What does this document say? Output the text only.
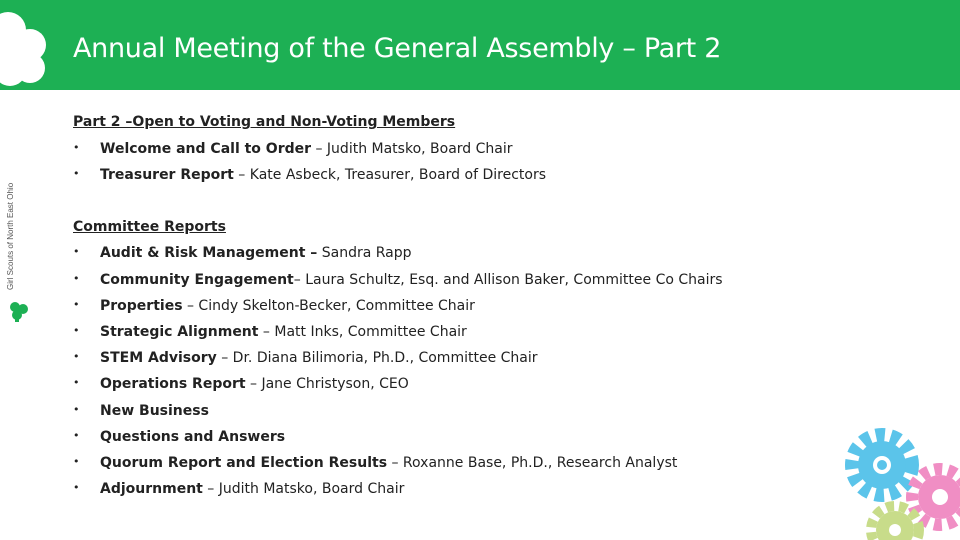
Annual Meeting of the General Assembly – Part 2
Girl Scouts of North East Ohio
Part 2 –Open to Voting and Non-Voting Members
• Welcome and Call to Order – Judith Matsko, Board Chair
• Treasurer Report – Kate Asbeck, Treasurer, Board of Directors
Committee Reports
• Audit & Risk Management – Sandra Rapp
• Community Engagement– Laura Schultz, Esq. and Allison Baker, Committee Co Chairs
• Properties – Cindy Skelton-Becker, Committee Chair
• Strategic Alignment – Matt Inks, Committee Chair
• STEM Advisory – Dr. Diana Bilimoria, Ph.D., Committee Chair
• Operations Report – Jane Christyson, CEO
• New Business
• Questions and Answers
• Quorum Report and Election Results – Roxanne Base, Ph.D., Research Analyst
• Adjournment – Judith Matsko, Board Chair
